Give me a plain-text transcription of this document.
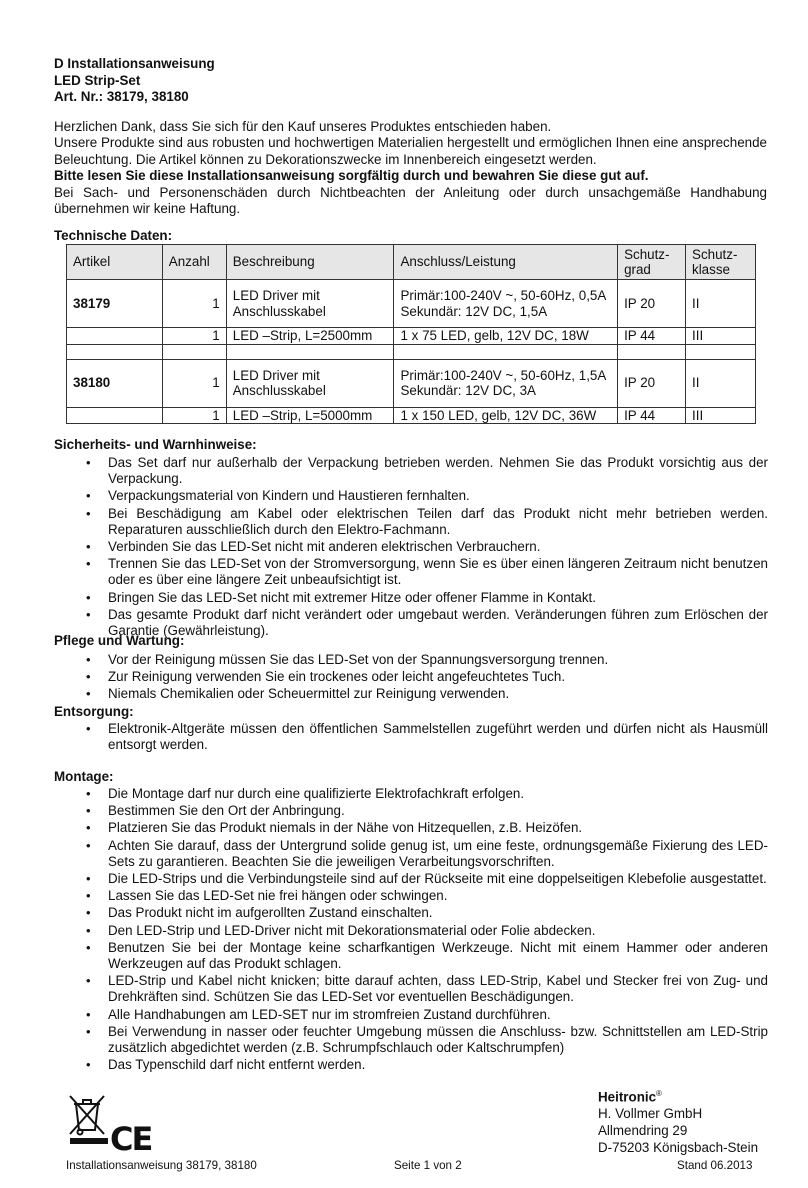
D Installationsanweisung
LED Strip-Set
Art. Nr.: 38179, 38180
Herzlichen Dank, dass Sie sich für den Kauf unseres Produktes entschieden haben.
Unsere Produkte sind aus robusten und hochwertigen Materialien hergestellt und ermöglichen Ihnen eine ansprechende Beleuchtung. Die Artikel können zu Dekorationszwecke im Innenbereich eingesetzt werden.
Bitte lesen Sie diese Installationsanweisung sorgfältig durch und bewahren Sie diese gut auf.
Bei Sach- und Personenschäden durch Nichtbeachten der Anleitung oder durch unsachgemäße Handhabung übernehmen wir keine Haftung.
Technische Daten:
Artikel	Anzahl	Beschreibung	Anschluss/Leistung	Schutz-grad	Schutz-klasse
38179	1	LED Driver mit Anschlusskabel	Primär:100-240V ~, 50-60Hz, 0,5A Sekundär: 12V DC, 1,5A	IP 20	II
	1	LED –Strip, L=2500mm	1 x 75 LED, gelb, 12V DC, 18W	IP 44	III

38180	1	LED Driver mit Anschlusskabel	Primär:100-240V ~, 50-60Hz, 1,5A Sekundär: 12V DC, 3A	IP 20	II
	1	LED –Strip, L=5000mm	1 x 150 LED, gelb, 12V DC, 36W	IP 44	III
Sicherheits- und Warnhinweise:
• Das Set darf nur außerhalb der Verpackung betrieben werden. Nehmen Sie das Produkt vorsichtig aus der Verpackung.
• Verpackungsmaterial von Kindern und Haustieren fernhalten.
• Bei Beschädigung am Kabel oder elektrischen Teilen darf das Produkt nicht mehr betrieben werden. Reparaturen ausschließlich durch den Elektro-Fachmann.
• Verbinden Sie das LED-Set nicht mit anderen elektrischen Verbrauchern.
• Trennen Sie das LED-Set von der Stromversorgung, wenn Sie es über einen längeren Zeitraum nicht benutzen oder es über eine längere Zeit unbeaufsichtigt ist.
• Bringen Sie das LED-Set nicht mit extremer Hitze oder offener Flamme in Kontakt.
• Das gesamte Produkt darf nicht verändert oder umgebaut werden. Veränderungen führen zum Erlöschen der Garantie (Gewährleistung).
Pflege und Wartung:
• Vor der Reinigung müssen Sie das LED-Set von der Spannungsversorgung trennen.
• Zur Reinigung verwenden Sie ein trockenes oder leicht angefeuchtetes Tuch.
• Niemals Chemikalien oder Scheuermittel zur Reinigung verwenden.
Entsorgung:
• Elektronik-Altgeräte müssen den öffentlichen Sammelstellen zugeführt werden und dürfen nicht als Hausmüll entsorgt werden.
Montage:
• Die Montage darf nur durch eine qualifizierte Elektrofachkraft erfolgen.
• Bestimmen Sie den Ort der Anbringung.
• Platzieren Sie das Produkt niemals in der Nähe von Hitzequellen, z.B. Heizöfen.
• Achten Sie darauf, dass der Untergrund solide genug ist, um eine feste, ordnungsgemäße Fixierung des LED-Sets zu garantieren. Beachten Sie die jeweiligen Verarbeitungsvorschriften.
• Die LED-Strips und die Verbindungsteile sind auf der Rückseite mit eine doppelseitigen Klebefolie ausgestattet.
• Lassen Sie das LED-Set nie frei hängen oder schwingen.
• Das Produkt nicht im aufgerollten Zustand einschalten.
• Den LED-Strip und LED-Driver nicht mit Dekorationsmaterial oder Folie abdecken.
• Benutzen Sie bei der Montage keine scharfkantigen Werkzeuge. Nicht mit einem Hammer oder anderen Werkzeugen auf das Produkt schlagen.
• LED-Strip und Kabel nicht knicken; bitte darauf achten, dass LED-Strip, Kabel und Stecker frei von Zug- und Drehkräften sind. Schützen Sie das LED-Set vor eventuellen Beschädigungen.
• Alle Handhabungen am LED-SET nur im stromfreien Zustand durchführen.
• Bei Verwendung in nasser oder feuchter Umgebung müssen die Anschluss- bzw. Schnittstellen am LED-Strip zusätzlich abgedichtet werden (z.B. Schrumpfschlauch oder Kaltschrumpfen)
• Das Typenschild darf nicht entfernt werden.
CE
Heitronic®
H. Vollmer GmbH
Allmendring 29
D-75203 Königsbach-Stein
Installationsanweisung 38179, 38180	Seite 1 von 2	Stand 06.2013
